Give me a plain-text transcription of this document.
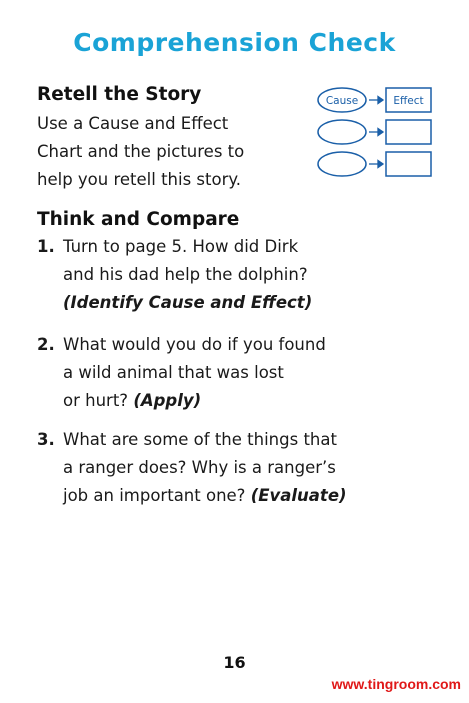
Comprehension Check
Retell the Story
Use a Cause and Effect
Chart and the pictures to
help you retell this story.
Cause	Effect
Think and Compare
1. Turn to page 5. How did Dirk
and his dad help the dolphin?
(Identify Cause and Effect)
2. What would you do if you found
a wild animal that was lost
or hurt? (Apply)
3. What are some of the things that
a ranger does? Why is a ranger’s
job an important one? (Evaluate)
16
www.tingroom.com
